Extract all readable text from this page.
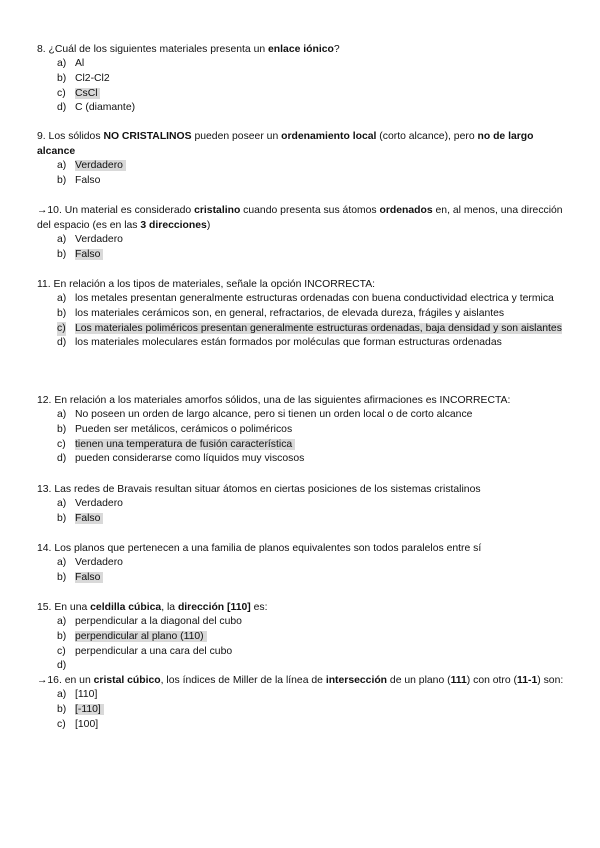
8. ¿Cuál de los siguientes materiales presenta un enlace iónico?

a) Al
b) Cl2-Cl2
c) CsCl
d) C (diamante)

9. Los sólidos NO CRISTALINOS pueden poseer un ordenamiento local (corto alcance), pero no de largo alcance

a) Verdadero
b) Falso

→10. Un material es considerado cristalino cuando presenta sus átomos ordenados en, al menos, una dirección del espacio (es en las 3 direcciones)

a) Verdadero
b) Falso

11. En relación a los tipos de materiales, señale la opción INCORRECTA:

a) los metales presentan generalmente estructuras ordenadas con buena conductividad electrica y termica
b) los materiales cerámicos son, en general, refractarios, de elevada dureza, frágiles y aislantes
c) Los materiales poliméricos presentan generalmente estructuras ordenadas, baja densidad y son aislantes
d) los materiales moleculares están formados por moléculas que forman estructuras ordenadas

12. En relación a los materiales amorfos sólidos, una de las siguientes afirmaciones es INCORRECTA:

a) No poseen un orden de largo alcance, pero si tienen un orden local o de corto alcance
b) Pueden ser metálicos, cerámicos o poliméricos
c) tienen una temperatura de fusión característica
d) pueden considerarse como líquidos muy viscosos

13. Las redes de Bravais resultan situar átomos en ciertas posiciones de los sistemas cristalinos

a) Verdadero
b) Falso

14. Los planos que pertenecen a una familia de planos equivalentes son todos paralelos entre sí

a) Verdadero
b) Falso

15. En una celdilla cúbica, la dirección [110] es:

a) perpendicular a la diagonal del cubo
b) perpendicular al plano (110)
c) perpendicular a una cara del cubo
d)

→16. en un cristal cúbico, los índices de Miller de la línea de intersección de un plano (111) con otro (11-1) son:

a) [110]
b) [-110]
c) [100]
